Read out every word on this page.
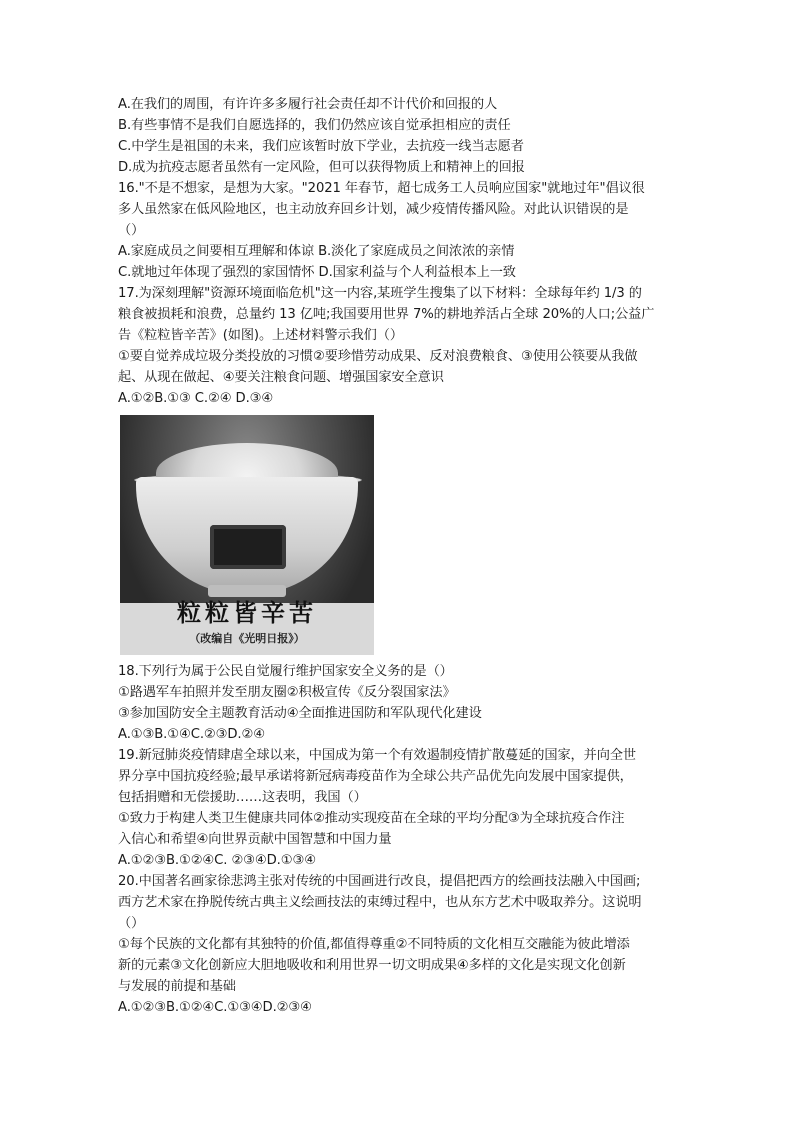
A.在我们的周围，有许许多多履行社会责任却不计代价和回报的人
B.有些事情不是我们自愿选择的，我们仍然应该自觉承担相应的责任
C.中学生是祖国的未来，我们应该暂时放下学业，去抗疫一线当志愿者
D.成为抗疫志愿者虽然有一定风险，但可以获得物质上和精神上的回报
16."不是不想家，是想为大家。"2021 年春节，超七成务工人员响应国家"就地过年"倡议很
多人虽然家在低风险地区，也主动放弃回乡计划，减少疫情传播风险。对此认识错误的是
（）
A.家庭成员之间要相互理解和体谅 B.淡化了家庭成员之间浓浓的亲情
C.就地过年体现了强烈的家国情怀 D.国家利益与个人利益根本上一致
17.为深刻理解"资源环境面临危机"这一内容,某班学生搜集了以下材料：全球每年约 1/3 的
粮食被损耗和浪费，总量约 13 亿吨;我国要用世界 7%的耕地养活占全球 20%的人口;公益广
告《粒粒皆辛苦》(如图)。上述材料警示我们（）
①要自觉养成垃圾分类投放的习惯②要珍惜劳动成果、反对浪费粮食、③使用公筷要从我做
起、从现在做起、④要关注粮食问题、增强国家安全意识
A.①②B.①③ C.②④ D.③④
粒粒皆辛苦
（改编自《光明日报》）
18.下列行为属于公民自觉履行维护国家安全义务的是（）
①路遇军车拍照并发至朋友圈②积极宣传《反分裂国家法》
③参加国防安全主题教育活动④全面推进国防和军队现代化建设
A.①③B.①④C.②③D.②④
19.新冠肺炎疫情肆虐全球以来，中国成为第一个有效遏制疫情扩散蔓延的国家，并向全世
界分享中国抗疫经验;最早承诺将新冠病毒疫苗作为全球公共产品优先向发展中国家提供，
包括捐赠和无偿援助……这表明，我国（）
①致力于构建人类卫生健康共同体②推动实现疫苗在全球的平均分配③为全球抗疫合作注
入信心和希望④向世界贡献中国智慧和中国力量
A.①②③B.①②④C. ②③④D.①③④
20.中国著名画家徐悲鸿主张对传统的中国画进行改良，提倡把西方的绘画技法融入中国画;
西方艺术家在挣脱传统古典主义绘画技法的束缚过程中，也从东方艺术中吸取养分。这说明
（）
①每个民族的文化都有其独特的价值,都值得尊重②不同特质的文化相互交融能为彼此增添
新的元素③文化创新应大胆地吸收和利用世界一切文明成果④多样的文化是实现文化创新
与发展的前提和基础
A.①②③B.①②④C.①③④D.②③④
